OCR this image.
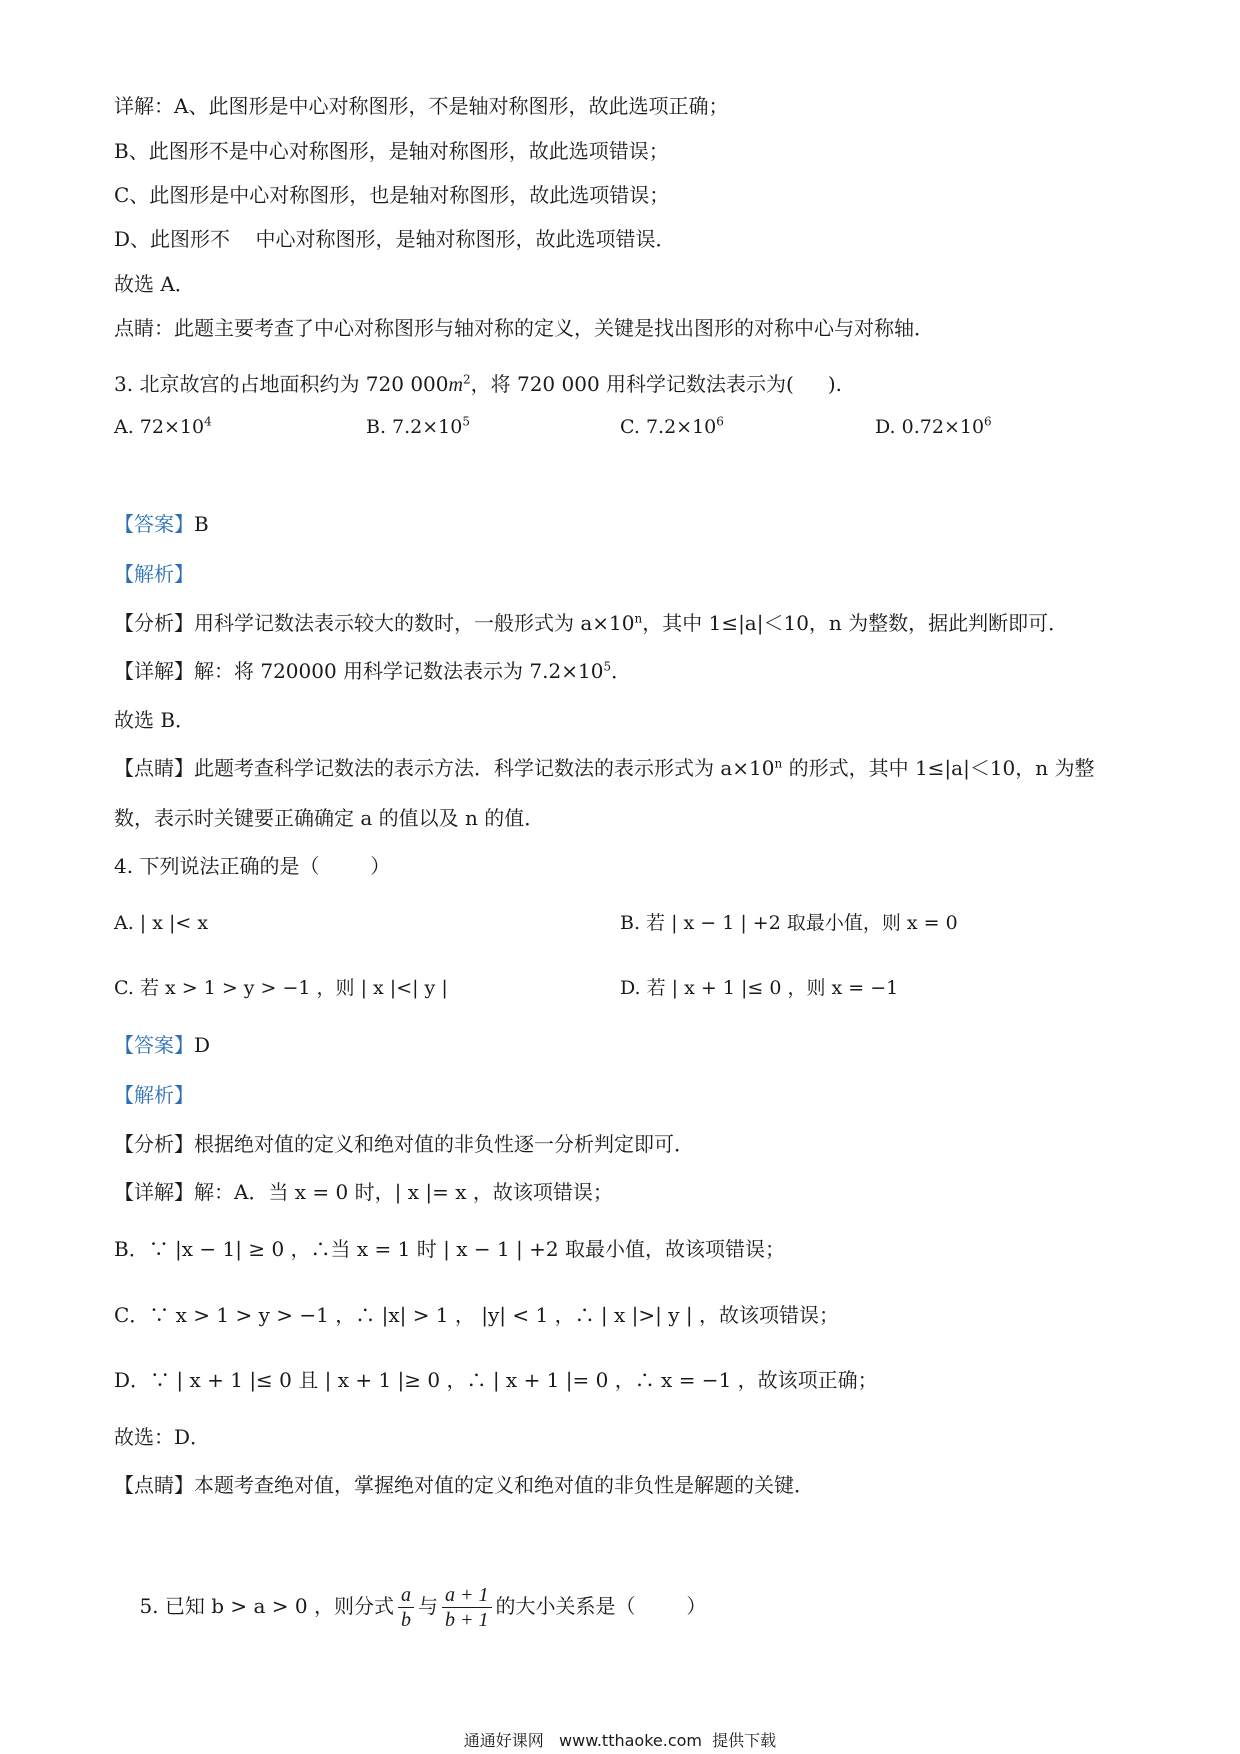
详解：A、此图形是中心对称图形，不是轴对称图形，故此选项正确；
B、此图形不是中心对称图形，是轴对称图形，故此选项错误；
C、此图形是中心对称图形，也是轴对称图形，故此选项错误；
D、此图形不    中心对称图形，是轴对称图形，故此选项错误．
故选 A．
点睛：此题主要考查了中心对称图形与轴对称的定义，关键是找出图形的对称中心与对称轴．
3. 北京故宫的占地面积约为 720 $000m^2$，将 720 000 用科学记数法表示为( ).
A. $72\times 10^4$	B. $7.2\times 10^5$	C. $7.2\times 10^6$	D. $0.72\times 10^6$
【答案】B
【解析】
【分析】用科学记数法表示较大的数时，一般形式为 $a\times 10^n$，其中 1≤|a|＜10，n 为整数，据此判断即可．
【详解】解：将 720000 用科学记数法表示为 $7.2\times 10^5$．
故选 B．
【点睛】此题考查科学记数法的表示方法．科学记数法的表示形式为 $a\times 10^n$ 的形式，其中 1≤|a|＜10，n 为整
数，表示时关键要正确确定 a 的值以及 n 的值．
4. 下列说法正确的是（        ）
A. | x |< x	B. 若 | x − 1 | +2 取最小值，则 x = 0
C. 若 x > 1 > y > −1 ，则 | x |<| y |	D. 若 | x + 1 |≤ 0 ，则 x = −1
【答案】D
【解析】
【分析】根据绝对值的定义和绝对值的非负性逐一分析判定即可．
【详解】解：A．当 x = 0 时，| x |= x ，故该项错误；
B．∵ |x − 1| ≥ 0 ，∴当 x = 1 时 | x − 1 | +2 取最小值，故该项错误；
C．∵ x > 1 > y > −1 ，∴ |x| > 1 ， |y| < 1 ，∴ | x |>| y | ，故该项错误；
D．∵ | x + 1 |≤ 0 且 | x + 1 |≥ 0 ，∴ | x + 1 |= 0 ，∴ x = −1 ，故该项正确；
故选：D．
【点睛】本题考查绝对值，掌握绝对值的定义和绝对值的非负性是解题的关键．

5. 已知 b > a > 0 ，则分式 $\frac{a}{b}$ 与 $\frac{a + 1}{b + 1}$ 的大小关系是（        ）

通通好课网   www.tthaoke.com  提供下载
